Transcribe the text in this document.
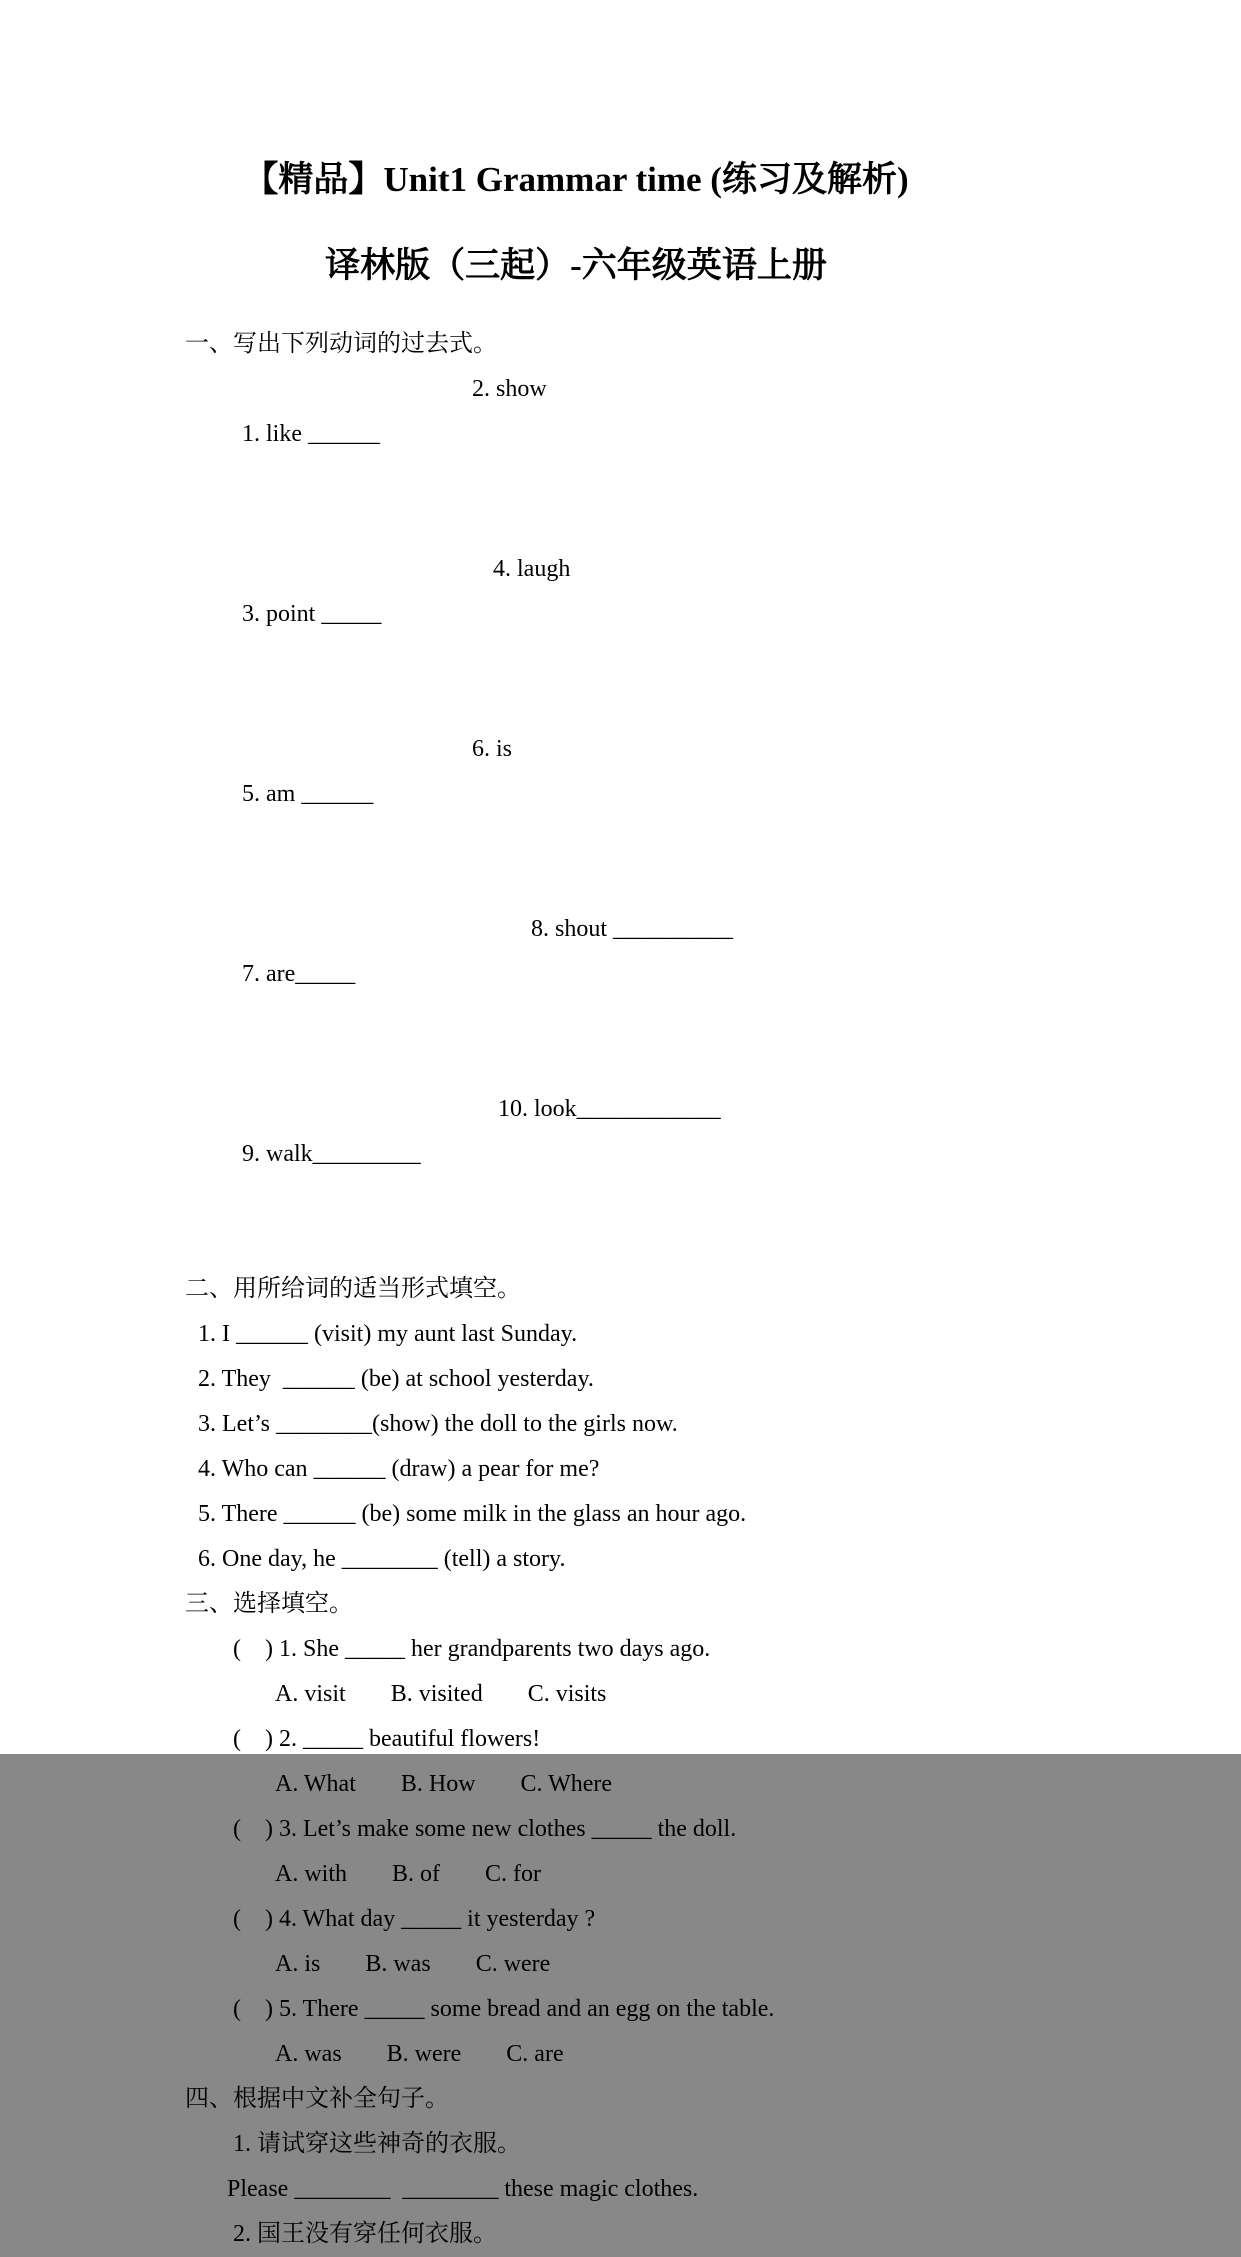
【精品】Unit1 Grammar time (练习及解析)
译林版（三起）-六年级英语上册
一、写出下列动词的过去式。

1. like ______

2. show

3. point _____

4. laugh

5. am ______

6. is

7. are_____

8. shout __________

9. walk_________

10. look____________

二、用所给词的适当形式填空。
1. I ______ (visit) my aunt last Sunday.
2. They  ______ (be) at school yesterday.
3. Let’s ________(show) the doll to the girls now.
4. Who can ______ (draw) a pear for me?
5. There ______ (be) some milk in the glass an hour ago.
6. One day, he ________ (tell) a story.
三、选择填空。
(    ) 1. She _____ her grandparents two days ago.
A. visit B. visited C. visits
(    ) 2. _____ beautiful flowers!
A. What B. How C. Where
(    ) 3. Let’s make some new clothes _____ the doll.
A. with B. of C. for
(    ) 4. What day _____ it yesterday ?
A. is B. was C. were
(    ) 5. There _____ some bread and an egg on the table.
A. was B. were C. are
四、根据中文补全句子。
1. 请试穿这些神奇的衣服。
Please ________  ________ these magic clothes.
2. 国王没有穿任何衣服。
